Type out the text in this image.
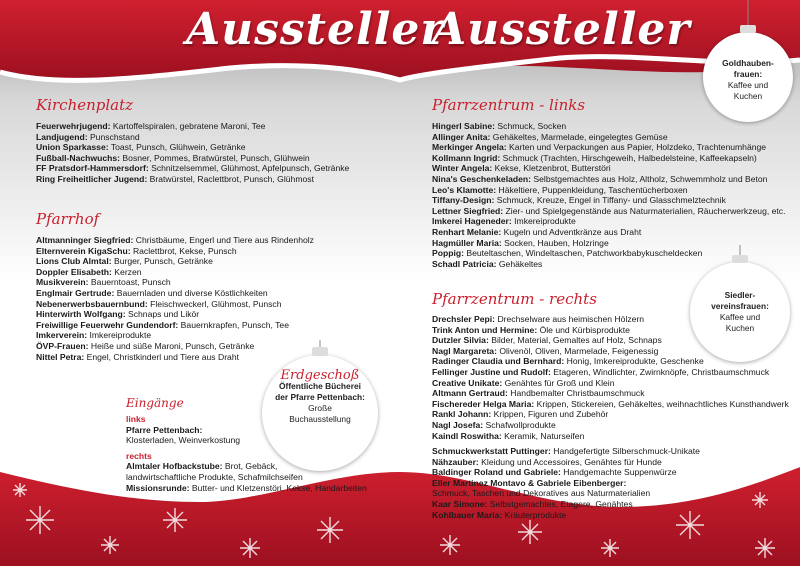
Aussteller
Aussteller
Kirchenplatz
Feuerwehrjugend: Kartoffelspiralen, gebratene Maroni, Tee
Landjugend: Punschstand
Union Sparkasse: Toast, Punsch, Glühwein, Getränke
Fußball-Nachwuchs: Bosner, Pommes, Bratwürstel, Punsch, Glühwein
FF Pratsdorf-Hammersdorf: Schnitzelsemmel, Glühmost, Apfelpunsch, Getränke
Ring Freiheitlicher Jugend: Bratwürstel, Raclettbrot, Punsch, Glühmost
Pfarrhof
Altmanninger Siegfried: Christbäume, Engerl und Tiere aus Rindenholz
Elternverein KigaSchu: Raclettbrot, Kekse, Punsch
Lions Club Almtal: Burger, Punsch, Getränke
Doppler Elisabeth: Kerzen
Musikverein: Bauerntoast, Punsch
Englmair Gertrude: Bauernladen und diverse Köstlichkeiten
Nebenerwerbsbauernbund: Fleischweckerl, Glühmost, Punsch
Hinterwirth Wolfgang: Schnaps und Likör
Freiwillige Feuerwehr Gundendorf: Bauernkrapfen, Punsch, Tee
Imkerverein: Imkereiprodukte
ÖVP-Frauen: Heiße und süße Maroni, Punsch, Getränke
Nittel Petra: Engel, Christkinderl und Tiere aus Draht
Eingänge
links
Pfarre Pettenbach:
Klosterladen, Weinverkostung
rechts
Almtaler Hofbackstube: Brot, Gebäck,
landwirtschaftliche Produkte, Schafmilchseifen
Missionsrunde: Butter- und Kletzenstöri, Kekse, Handarbeiten
Erdgeschoß
Öffentliche Bücherei
der Pfarre Pettenbach:
Große
Buchausstellung
Pfarrzentrum - links
Hingerl Sabine: Schmuck, Socken
Allinger Anita: Gehäkeltes, Marmelade, eingelegtes Gemüse
Merkinger Angela: Karten und Verpackungen aus Papier, Holzdeko, Trachtenumhänge
Kollmann Ingrid: Schmuck (Trachten, Hirschgeweih, Halbedelsteine, Kaffeekapseln)
Winter Angela: Kekse, Kletzenbrot, Butterstöri
Nina's Geschenkeladen: Selbstgemachtes aus Holz, Altholz, Schwemmholz und Beton
Leo's Klamotte: Häkeltiere, Puppenkleidung, Taschentücherboxen
Tiffany-Design: Schmuck, Kreuze, Engel in Tiffany- und Glasschmelztechnik
Lettner Siegfried: Zier- und Spielgegenstände aus Naturmaterialien, Räucherwerkzeug, etc.
Imkerei Hageneder: Imkereiprodukte
Renhart Melanie: Kugeln und Adventkränze aus Draht
Hagmüller Maria: Socken, Hauben, Holzringe
Poppig: Beuteltaschen, Windeltaschen, Patchworkbabykuscheldecken
Schadl Patricia: Gehäkeltes
Pfarrzentrum - rechts
Drechsler Pepi: Drechselware aus heimischen Hölzern
Trink Anton und Hermine: Öle und Kürbisprodukte
Dutzler Silvia: Bilder, Material, Gemaltes auf Holz, Schnaps
Nagl Margareta: Olivenöl, Oliven, Marmelade, Feigenessig
Radinger Claudia und Bernhard: Honig, Imkereiprodukte, Geschenke
Fellinger Justine und Rudolf: Etageren, Windlichter, Zwirnknöpfe, Christbaumschmuck
Creative Unikate: Genähtes für Groß und Klein
Altmann Gertraud: Handbemalter Christbaumschmuck
Fischereder Helga Maria: Krippen, Stickereien, Gehäkeltes, weihnachtliches Kunsthandwerk
Rankl Johann: Krippen, Figuren und Zubehör
Nagl Josefa: Schafwollprodukte
Kaindl Roswitha: Keramik, Naturseifen
Schmuckwerkstatt Puttinger: Handgefertigte Silberschmuck-Unikate
Nähzauber: Kleidung und Accessoires, Genähtes für Hunde
Baldinger Roland und Gabriele: Handgemachte Suppenwürze
Eller Martinez Montavo & Gabriele Eibenberger:
Schmuck, Taschen und Dekoratives aus Naturmaterialien
Kaar Simone: Selbstgemachtes, Etagere, Genähtes
Kohlbauer Maria: Kräuterprodukte
Goldhauben-
frauen:
Kaffee und
Kuchen
Siedler-
vereinsfrauen:
Kaffee und
Kuchen
